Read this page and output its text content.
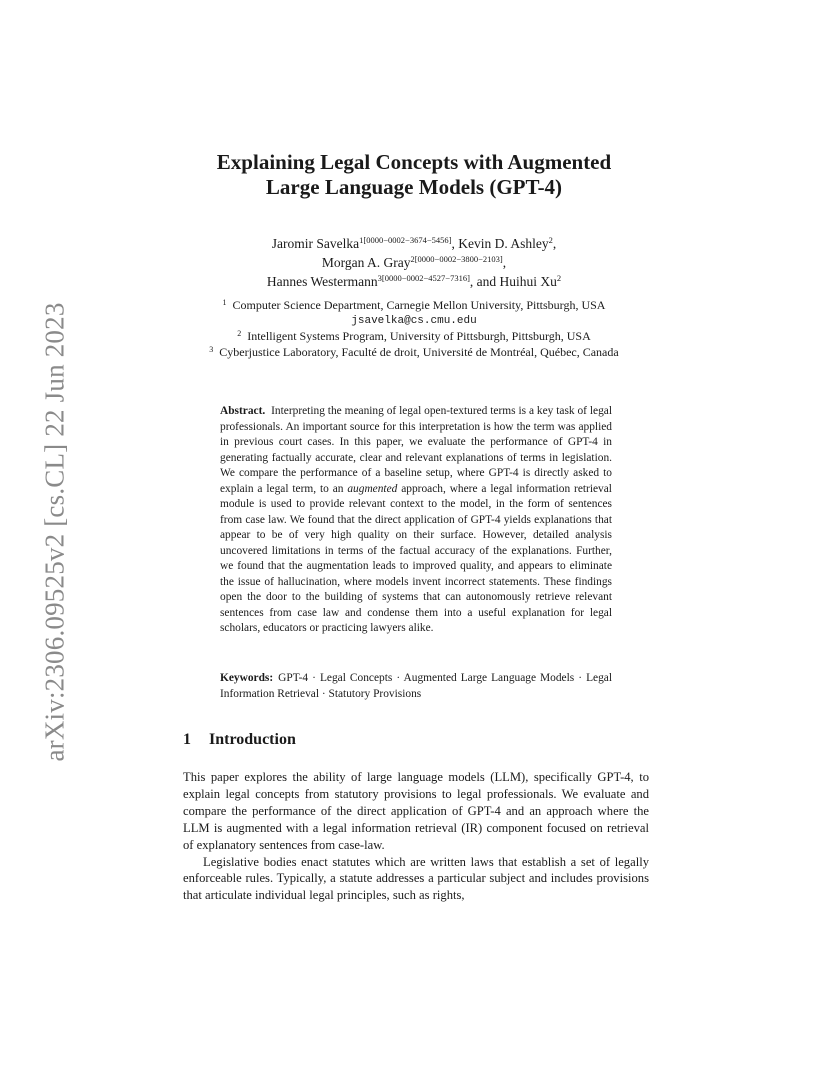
arXiv:2306.09525v2 [cs.CL] 22 Jun 2023
Explaining Legal Concepts with Augmented
Large Language Models (GPT-4)
Jaromir Savelka$^{1[0000-0002-3674-5456]}$, Kevin D. Ashley$^2$,
Morgan A. Gray$^{2[0000-0002-3800-2103]}$,
Hannes Westermann$^{3[0000-0002-4527-7316]}$, and Huihui Xu$^2$
$^1$ Computer Science Department, Carnegie Mellon University, Pittsburgh, USA
jsavelka@cs.cmu.edu
$^2$ Intelligent Systems Program, University of Pittsburgh, Pittsburgh, USA
$^3$ Cyberjustice Laboratory, Faculté de droit, Université de Montréal, Québec, Canada
Abstract. Interpreting the meaning of legal open-textured terms is a key task of legal professionals. An important source for this interpretation is how the term was applied in previous court cases. In this paper, we evaluate the performance of GPT-4 in generating factually accurate, clear and relevant explanations of terms in legislation. We compare the performance of a baseline setup, where GPT-4 is directly asked to explain a legal term, to an augmented approach, where a legal information retrieval module is used to provide relevant context to the model, in the form of sentences from case law. We found that the direct application of GPT-4 yields explanations that appear to be of very high quality on their surface. However, detailed analysis uncovered limitations in terms of the factual accuracy of the explanations. Further, we found that the augmentation leads to improved quality, and appears to eliminate the issue of hallucination, where models invent incorrect statements. These findings open the door to the building of systems that can autonomously retrieve relevant sentences from case law and condense them into a useful explanation for legal scholars, educators or practicing lawyers alike.
Keywords: GPT-4 · Legal Concepts · Augmented Large Language Models · Legal Information Retrieval · Statutory Provisions
1 Introduction

This paper explores the ability of large language models (LLM), specifically GPT-4, to explain legal concepts from statutory provisions to legal professionals. We evaluate and compare the performance of the direct application of GPT-4 and an approach where the LLM is augmented with a legal information retrieval (IR) component focused on retrieval of explanatory sentences from case-law.

Legislative bodies enact statutes which are written laws that establish a set of legally enforceable rules. Typically, a statute addresses a particular subject and includes provisions that articulate individual legal principles, such as rights,
